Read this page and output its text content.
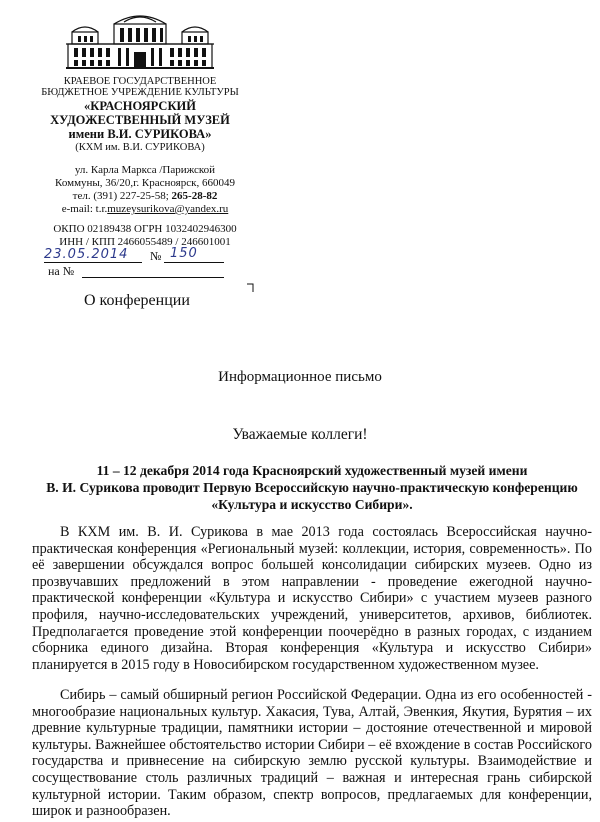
КРАЕВОЕ ГОСУДАРСТВЕННОЕ
БЮДЖЕТНОЕ УЧРЕЖДЕНИЕ КУЛЬТУРЫ
«КРАСНОЯРСКИЙ
ХУДОЖЕСТВЕННЫЙ МУЗЕЙ
имени В.И. СУРИКОВА»
(КХМ им. В.И. СУРИКОВА)
ул. Карла Маркса /Парижской
Коммуны, 36/20,г. Красноярск, 660049
тел. (391) 227-25-58; 265-28-82
e-mail: t.r.muzeysurikova@yandex.ru
ОКПО 02189438 ОГРН 1032402946300
ИНН / КПП 2466055489 / 246601001
23.05.2014 № 150
на №
О конференции
Информационное письмо
Уважаемые коллеги!
11 – 12 декабря 2014 года Красноярский художественный музей имени
В. И. Сурикова проводит Первую Всероссийскую научно-практическую конференцию
«Культура и искусство Сибири».
В КХМ им. В. И. Сурикова в мае 2013 года состоялась Всероссийская научно-
практическая конференция «Региональный музей: коллекции, история, современность». По
её завершении обсуждался вопрос большей консолидации сибирских музеев. Одно из
прозвучавших предложений в этом направлении - проведение ежегодной научно-
практической конференции «Культура и искусство Сибири» с участием музеев разного
профиля, научно-исследовательских учреждений, университетов, архивов, библиотек.
Предполагается проведение этой конференции поочерёдно в разных городах, с изданием
сборника единого дизайна. Вторая конференция «Культура и искусство Сибири»
планируется в 2015 году в Новосибирском государственном художественном музее.
Сибирь – самый обширный регион Российской Федерации. Одна из его особенностей -
многообразие национальных культур. Хакасия, Тува, Алтай, Эвенкия, Якутия, Бурятия – их
древние культурные традиции, памятники истории – достояние отечественной и мировой
культуры. Важнейшее обстоятельство истории Сибири – её вхождение в состав Российского
государства и привнесение на сибирскую землю русской культуры. Взаимодействие и
сосуществование столь различных традиций – важная и интересная грань сибирской
культурной истории. Таким образом, спектр вопросов, предлагаемых для конференции,
широк и разнообразен.
